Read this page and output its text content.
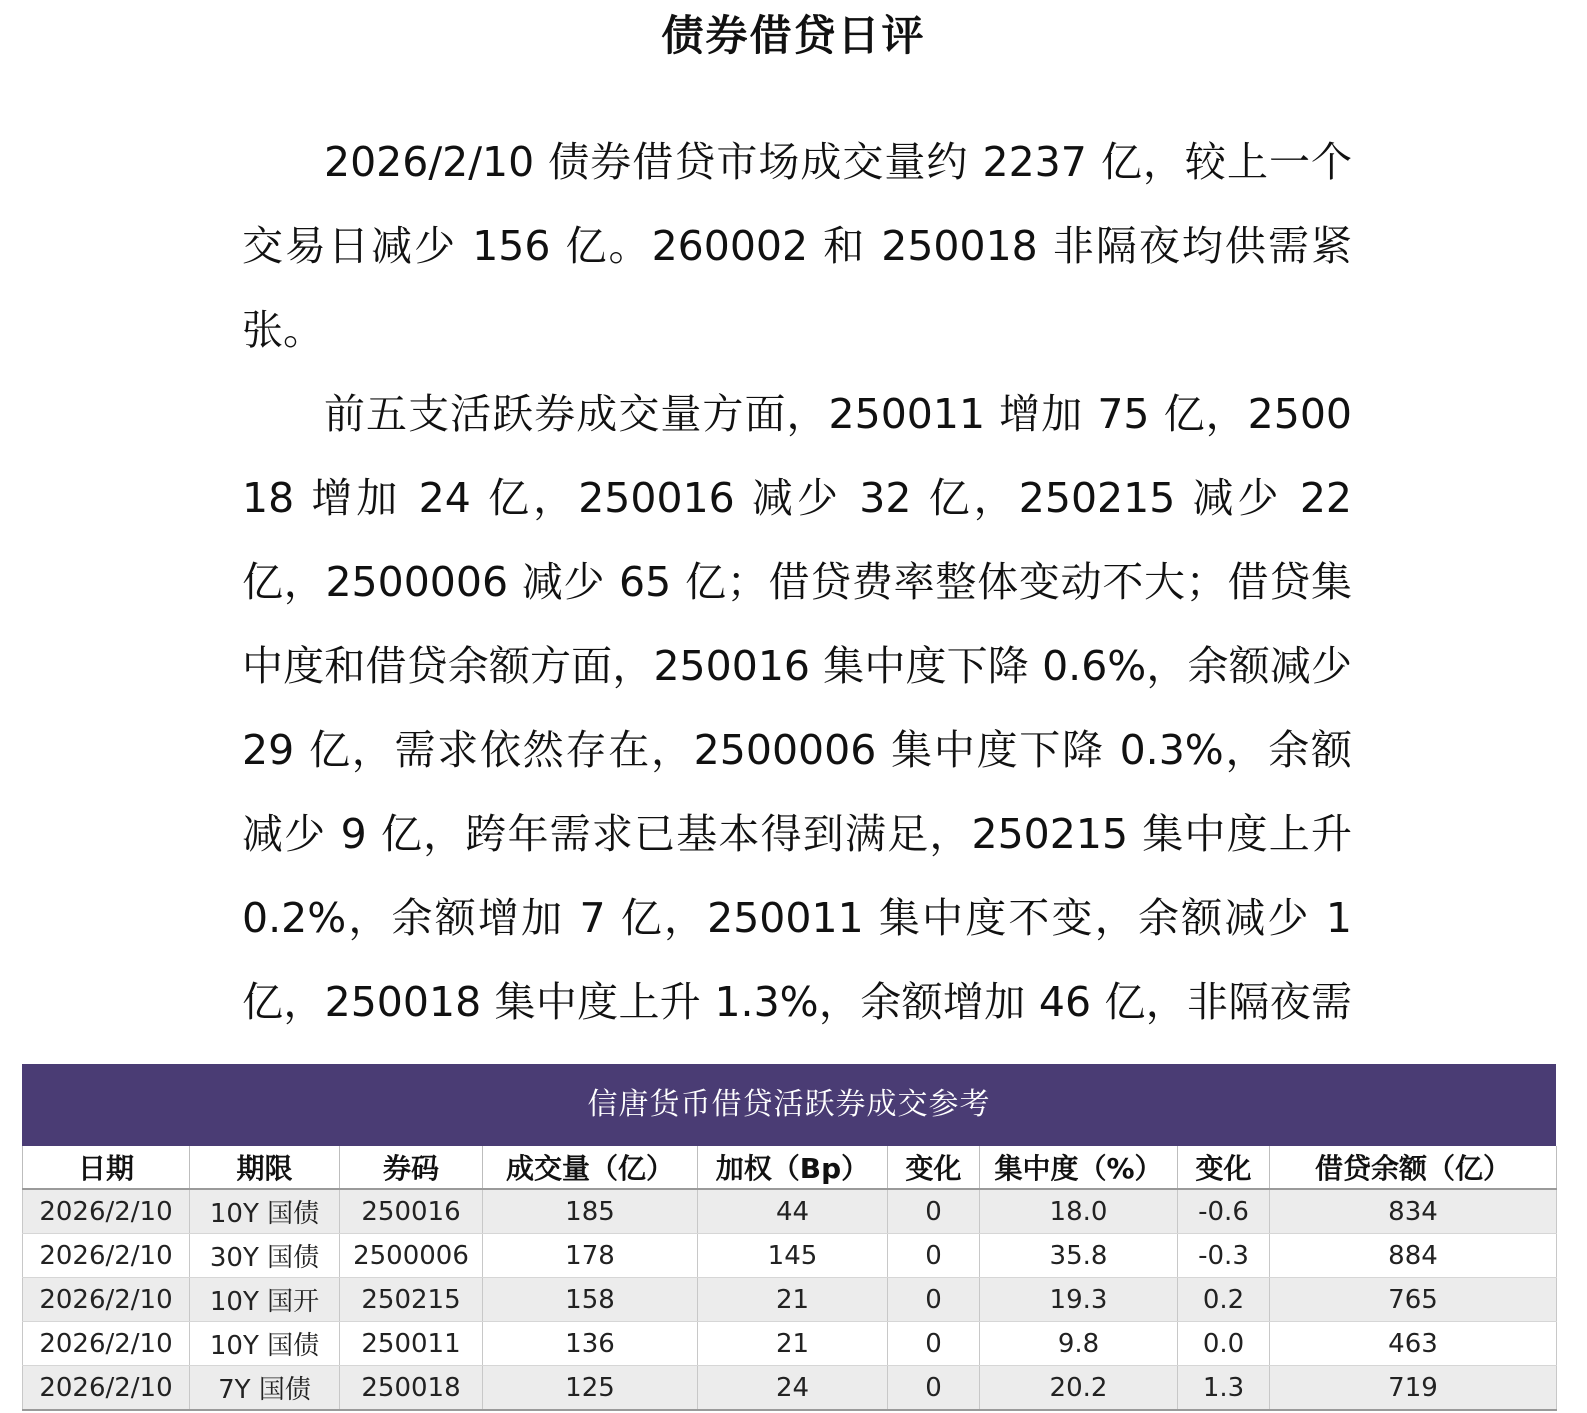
债券借贷日评

2026/2/10 债券借贷市场成交量约 2237 亿，较上一个交易日减少 156 亿。260002 和 250018 非隔夜均供需紧张。

前五支活跃券成交量方面，250011 增加 75 亿，250018 增加 24 亿，250016 减少 32 亿，250215 减少 22 亿，2500006 减少 65 亿；借贷费率整体变动不大；借贷集中度和借贷余额方面，250016 集中度下降 0.6%，余额减少 29 亿，需求依然存在，2500006 集中度下降 0.3%，余额减少 9 亿，跨年需求已基本得到满足，250215 集中度上升 0.2%，余额增加 7 亿，250011 集中度不变，余额减少 1 亿，250018 集中度上升 1.3%，余额增加 46 亿，非隔夜需

信唐货币借贷活跃券成交参考
日期	期限	券码	成交量（亿）	加权（Bp）	变化	集中度（%）	变化	借贷余额（亿）
2026/2/10	10Y 国债	250016	185	44	0	18.0	-0.6	834
2026/2/10	30Y 国债	2500006	178	145	0	35.8	-0.3	884
2026/2/10	10Y 国开	250215	158	21	0	19.3	0.2	765
2026/2/10	10Y 国债	250011	136	21	0	9.8	0.0	463
2026/2/10	7Y 国债	250018	125	24	0	20.2	1.3	719
